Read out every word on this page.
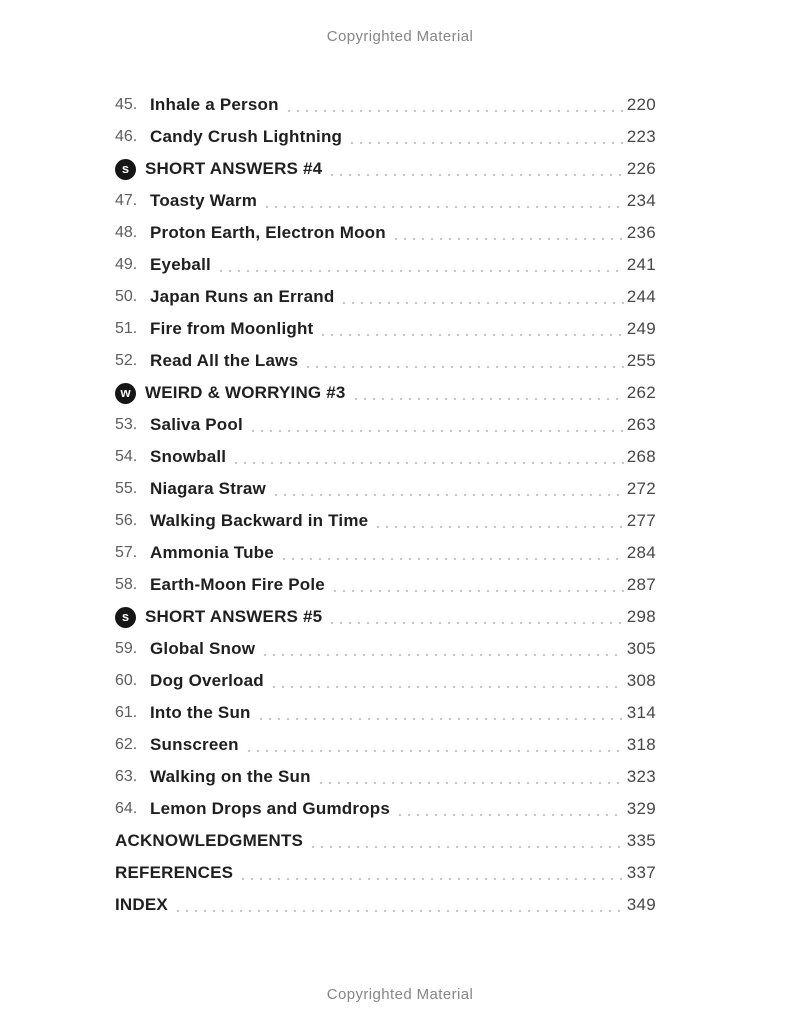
Copyrighted Material
45. Inhale a Person	220
46. Candy Crush Lightning	223
s SHORT ANSWERS #4	226
47. Toasty Warm	234
48. Proton Earth, Electron Moon	236
49. Eyeball	241
50. Japan Runs an Errand	244
51. Fire from Moonlight	249
52. Read All the Laws	255
w WEIRD & WORRYING #3	262
53. Saliva Pool	263
54. Snowball	268
55. Niagara Straw	272
56. Walking Backward in Time	277
57. Ammonia Tube	284
58. Earth-Moon Fire Pole	287
s SHORT ANSWERS #5	298
59. Global Snow	305
60. Dog Overload	308
61. Into the Sun	314
62. Sunscreen	318
63. Walking on the Sun	323
64. Lemon Drops and Gumdrops	329
ACKNOWLEDGMENTS	335
REFERENCES	337
INDEX	349
Copyrighted Material
